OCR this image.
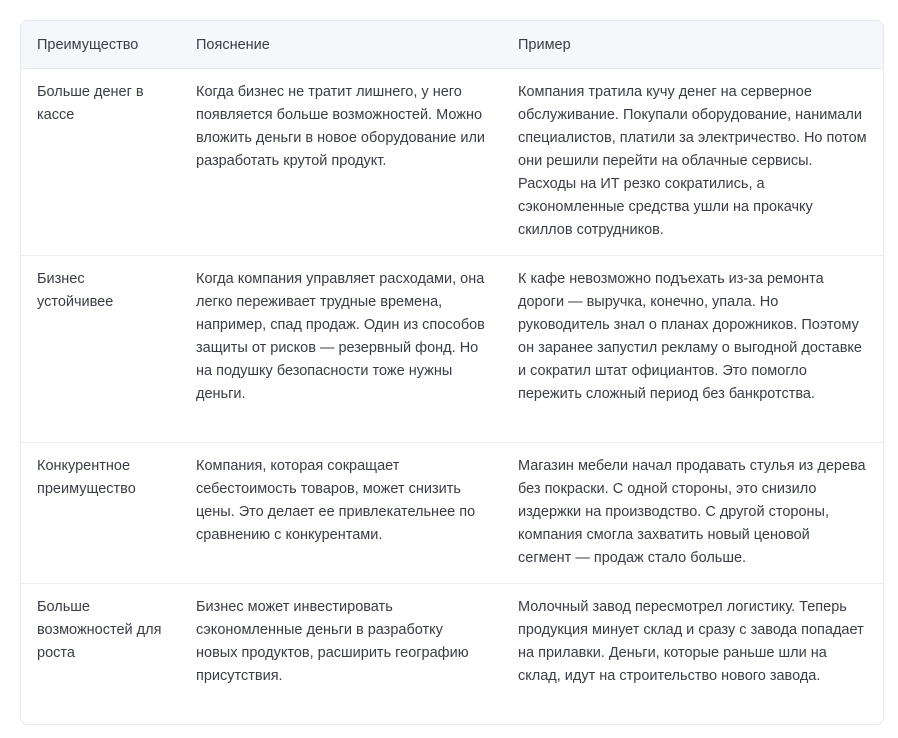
Преимущество	Пояснение	Пример
Больше денег в кассе	Когда бизнес не тратит лишнего, у него появляется больше возможностей. Можно вложить деньги в новое оборудование или разработать крутой продукт.	Компания тратила кучу денег на серверное обслуживание. Покупали оборудование, нанимали специалистов, платили за электричество. Но потом они решили перейти на облачные сервисы. Расходы на ИТ резко сократились, а сэкономленные средства ушли на прокачку скиллов сотрудников.
Бизнес устойчивее	Когда компания управляет расходами, она легко переживает трудные времена, например, спад продаж. Один из способов защиты от рисков — резервный фонд. Но на подушку безопасности тоже нужны деньги.	К кафе невозможно подъехать из-за ремонта дороги — выручка, конечно, упала. Но руководитель знал о планах дорожников. Поэтому он заранее запустил рекламу о выгодной доставке и сократил штат официантов. Это помогло пережить сложный период без банкротства.
Конкурентное преимущество	Компания, которая сокращает себестоимость товаров, может снизить цены. Это делает ее привлекательнее по сравнению с конкурентами.	Магазин мебели начал продавать стулья из дерева без покраски. С одной стороны, это снизило издержки на производство. С другой стороны, компания смогла захватить новый ценовой сегмент — продаж стало больше.
Больше возможностей для роста	Бизнес может инвестировать сэкономленные деньги в разработку новых продуктов, расширить географию присутствия.	Молочный завод пересмотрел логистику. Теперь продукция минует склад и сразу с завода попадает на прилавки. Деньги, которые раньше шли на склад, идут на строительство нового завода.
